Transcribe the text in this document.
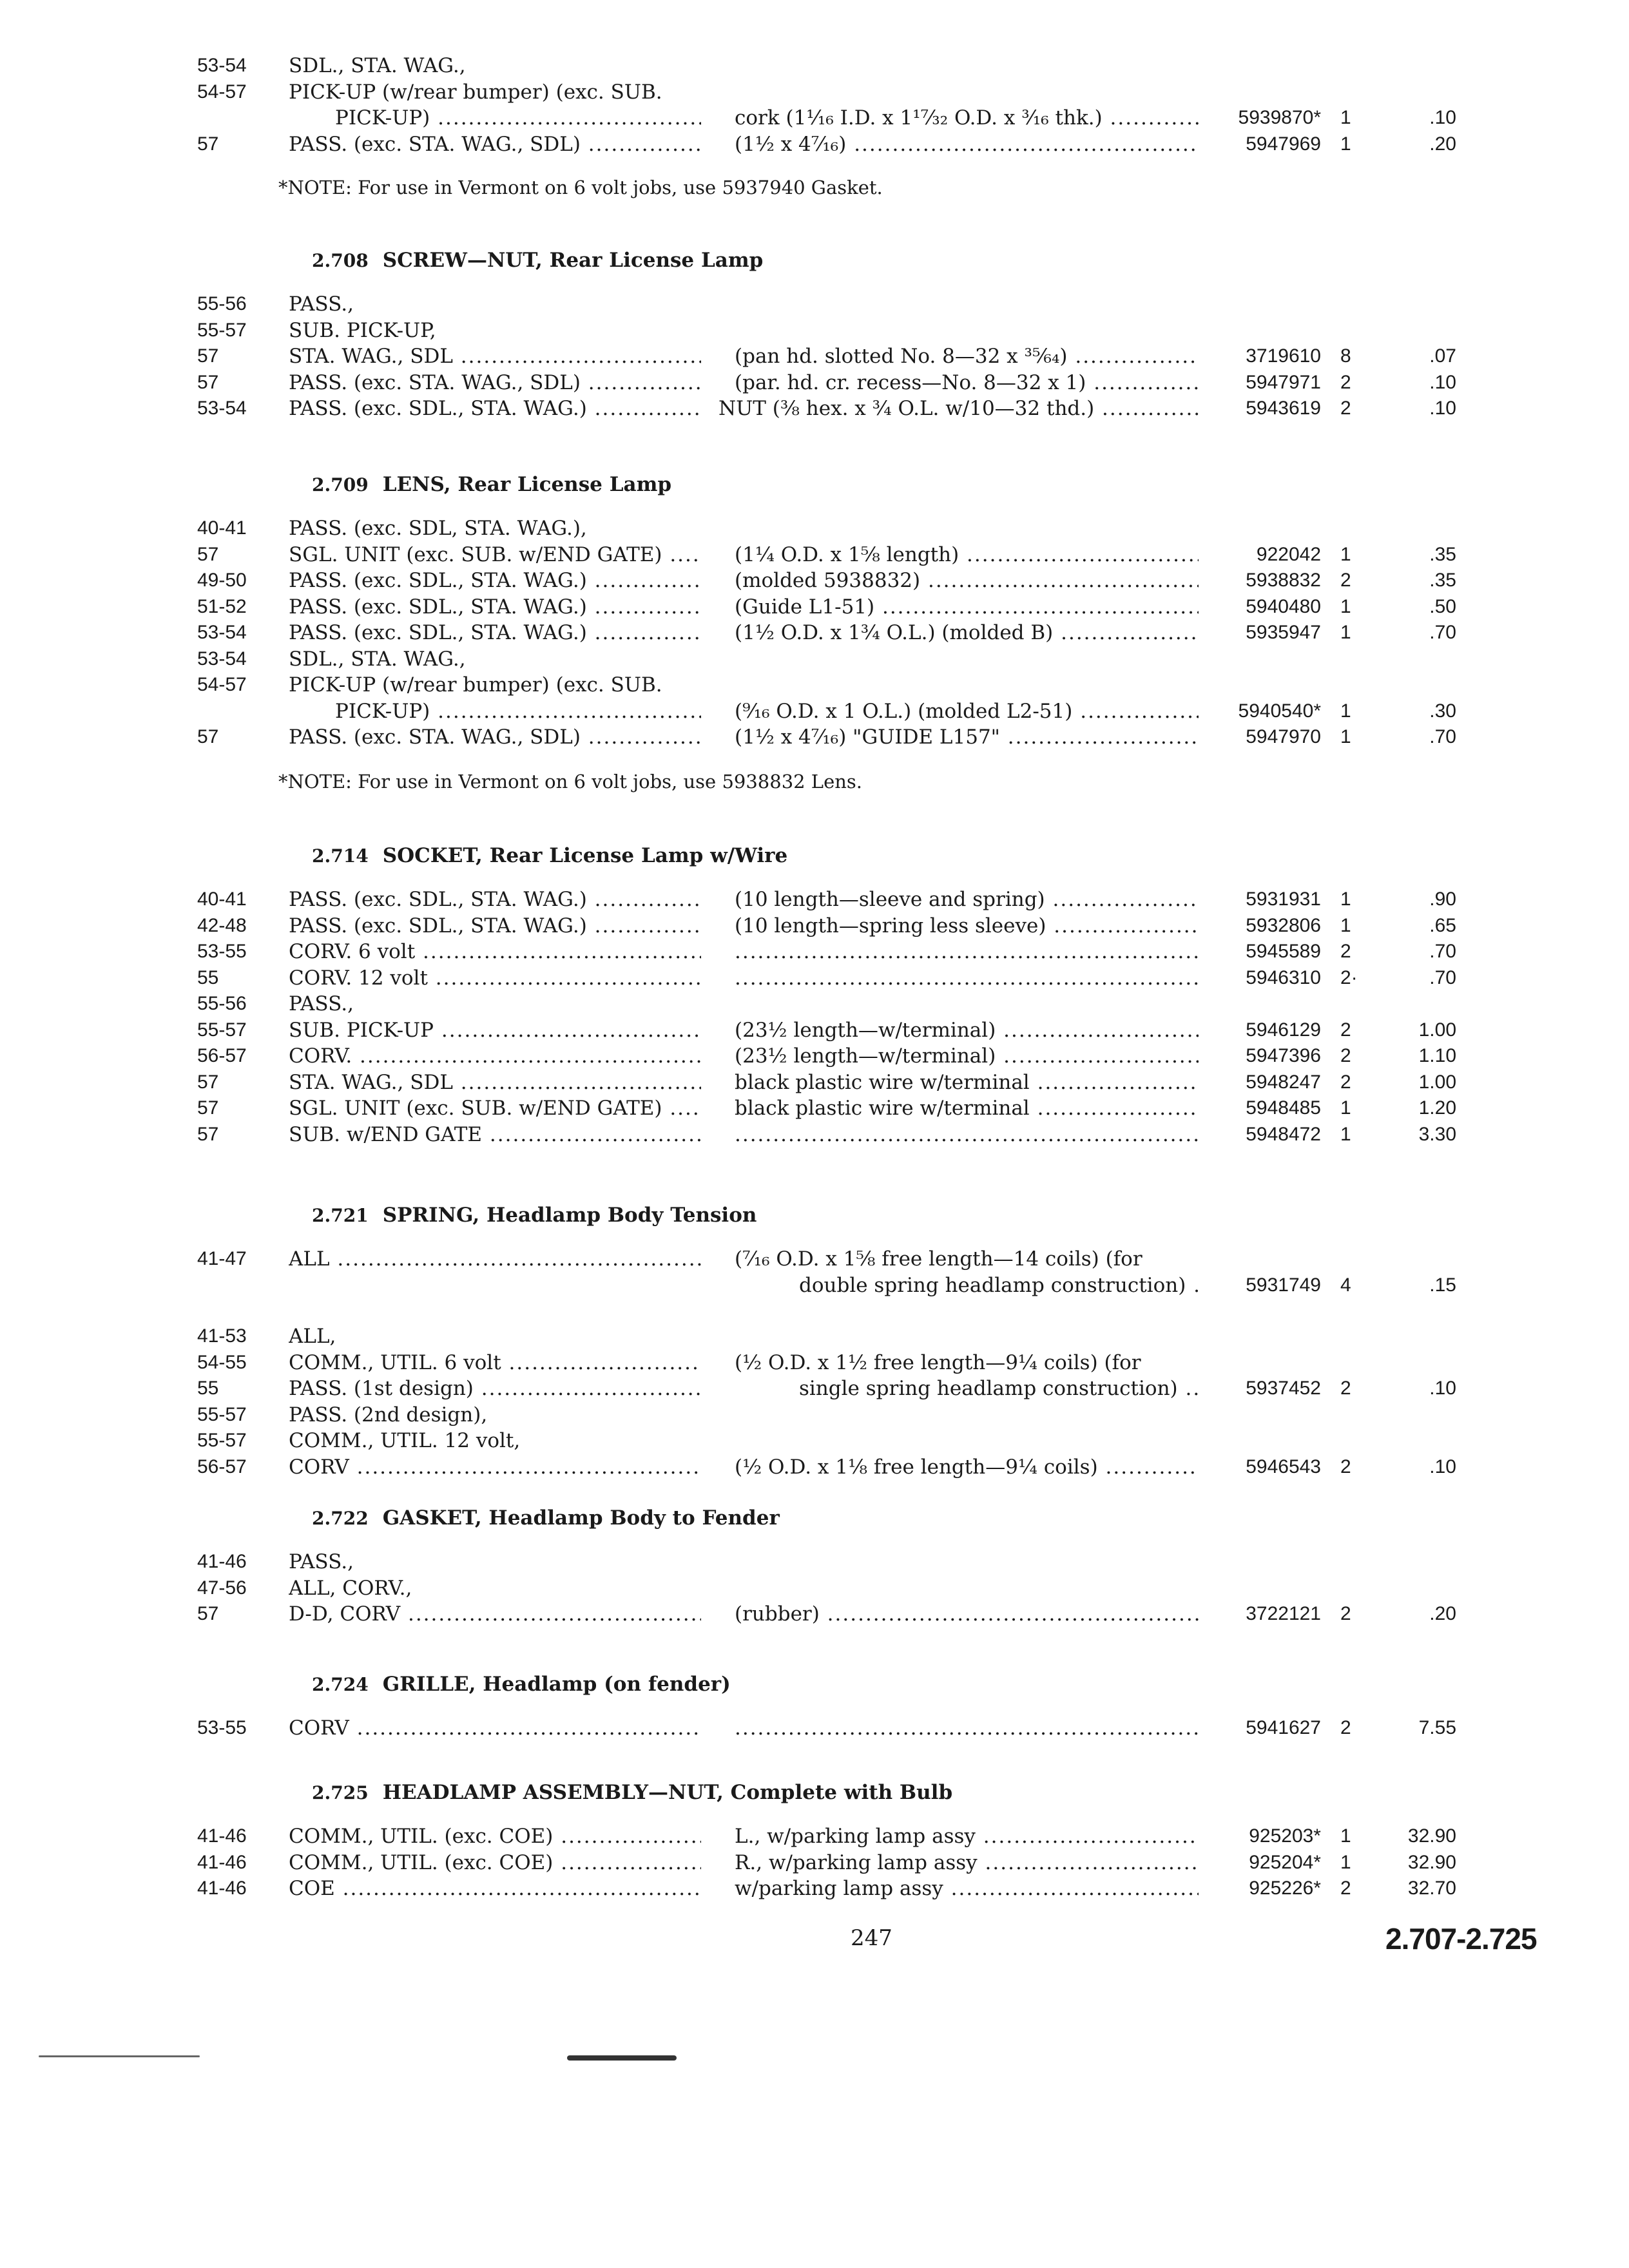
53-54	SDL., STA. WAG.,
54-57	PICK-UP (w/rear bumper) (exc. SUB.
PICK-UP) .....	cork (1¹⁄₁₆ I.D. x 1¹⁷⁄₃₂ O.D. x ³⁄₁₆ thk.) .....	5939870* 1	.10
57	PASS. (exc. STA. WAG., SDL) .....	(1½ x 4⁷⁄₁₆) .....	5947969 1	.20
*NOTE: For use in Vermont on 6 volt jobs, use 5937940 Gasket.
2.708 SCREW—NUT, Rear License Lamp
55-56	PASS.,
55-57	SUB. PICK-UP,
57	STA. WAG., SDL .....	(pan hd. slotted No. 8—32 x ³⁵⁄₆₄) .....	3719610 8	.07
57	PASS. (exc. STA. WAG., SDL) .....	(par. hd. cr. recess—No. 8—32 x 1) .....	5947971 2	.10
53-54	PASS. (exc. SDL., STA. WAG.) .....	NUT (⅜ hex. x ¾ O.L. w/10—32 thd.) .....	5943619 2	.10
2.709 LENS, Rear License Lamp
40-41	PASS. (exc. SDL, STA. WAG.),
57	SGL. UNIT (exc. SUB. w/END GATE) .....	(1¼ O.D. x 1⅝ length) .....	922042 1	.35
49-50	PASS. (exc. SDL., STA. WAG.) .....	(molded 5938832) .....	5938832 2	.35
51-52	PASS. (exc. SDL., STA. WAG.) .....	(Guide L1-51) .....	5940480 1	.50
53-54	PASS. (exc. SDL., STA. WAG.) .....	(1½ O.D. x 1¾ O.L.) (molded B) .....	5935947 1	.70
53-54	SDL., STA. WAG.,
54-57	PICK-UP (w/rear bumper) (exc. SUB.
PICK-UP) .....	(⁹⁄₁₆ O.D. x 1 O.L.) (molded L2-51) .....	5940540* 1	.30
57	PASS. (exc. STA. WAG., SDL) .....	(1½ x 4⁷⁄₁₆) "GUIDE L157" .....	5947970 1	.70
*NOTE: For use in Vermont on 6 volt jobs, use 5938832 Lens.
2.714 SOCKET, Rear License Lamp w/Wire
40-41	PASS. (exc. SDL., STA. WAG.) .....	(10 length—sleeve and spring) .....	5931931 1	.90
42-48	PASS. (exc. SDL., STA. WAG.) .....	(10 length—spring less sleeve) .....	5932806 1	.65
53-55	CORV. 6 volt ..... .....	5945589 2	.70
55	CORV. 12 volt ..... .....	5946310 2·	.70
55-56	PASS.,
55-57	SUB. PICK-UP .....	(23½ length—w/terminal) .....	5946129 2	1.00
56-57	CORV. .....	(23½ length—w/terminal) .....	5947396 2	1.10
57	STA. WAG., SDL .....	black plastic wire w/terminal .....	5948247 2	1.00
57	SGL. UNIT (exc. SUB. w/END GATE) .....	black plastic wire w/terminal .....	5948485 1	1.20
57	SUB. w/END GATE ..... .....	5948472 1	3.30
2.721 SPRING, Headlamp Body Tension
41-47	ALL .....	(⁷⁄₁₆ O.D. x 1⅝ free length—14 coils) (for
double spring headlamp construction) .....	5931749 4	.15
41-53	ALL,
54-55	COMM., UTIL. 6 volt .....	(½ O.D. x 1½ free length—9¼ coils) (for
55	PASS. (1st design) .....	single spring headlamp construction) .....	5937452 2	.10
55-57	PASS. (2nd design),
55-57	COMM., UTIL. 12 volt,
56-57	CORV .....	(½ O.D. x 1⅛ free length—9¼ coils) .....	5946543 2	.10
2.722 GASKET, Headlamp Body to Fender
41-46	PASS.,
47-56	ALL, CORV.,
57	D-D, CORV .....	(rubber) .....	3722121 2	.20
2.724 GRILLE, Headlamp (on fender)
53-55	CORV ..... .....	5941627 2	7.55
2.725 HEADLAMP ASSEMBLY—NUT, Complete with Bulb
41-46	COMM., UTIL. (exc. COE) .....	L., w/parking lamp assy .....	925203* 1	32.90
41-46	COMM., UTIL. (exc. COE) .....	R., w/parking lamp assy .....	925204* 1	32.90
41-46	COE .....	w/parking lamp assy .....	925226* 2	32.70
247	2.707-2.725
